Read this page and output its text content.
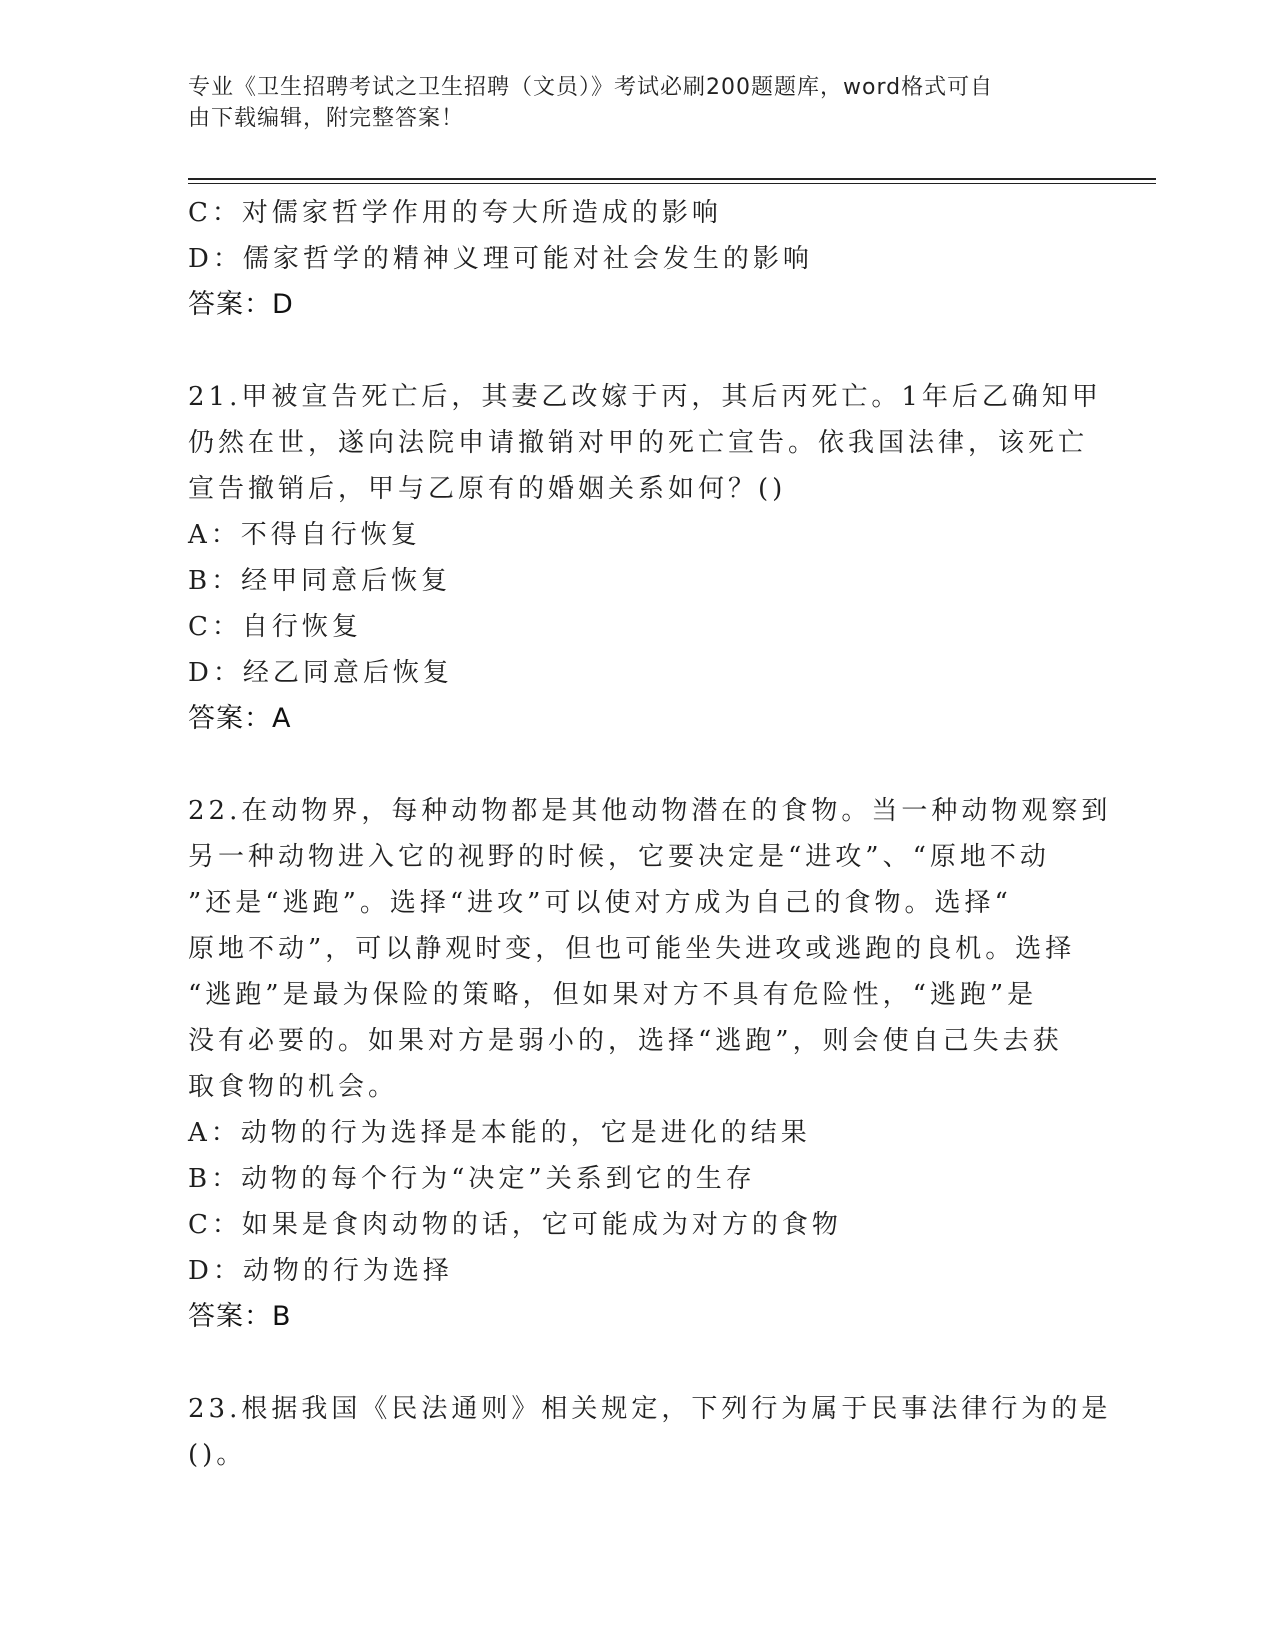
专业《卫生招聘考试之卫生招聘（文员）》考试必刷200题题库，word格式可自
由下载编辑，附完整答案！
C：对儒家哲学作用的夸大所造成的影响
D：儒家哲学的精神义理可能对社会发生的影响
答案：D
21.甲被宣告死亡后，其妻乙改嫁于丙，其后丙死亡。1年后乙确知甲
仍然在世，遂向法院申请撤销对甲的死亡宣告。依我国法律，该死亡
宣告撤销后，甲与乙原有的婚姻关系如何？()
A：不得自行恢复
B：经甲同意后恢复
C：自行恢复
D：经乙同意后恢复
答案：A
22.在动物界，每种动物都是其他动物潜在的食物。当一种动物观察到
另一种动物进入它的视野的时候，它要决定是“进攻”、“原地不动
”还是“逃跑”。选择“进攻”可以使对方成为自己的食物。选择“
原地不动”，可以静观时变，但也可能坐失进攻或逃跑的良机。选择
“逃跑”是最为保险的策略，但如果对方不具有危险性，“逃跑”是
没有必要的。如果对方是弱小的，选择“逃跑”，则会使自己失去获
取食物的机会。
A：动物的行为选择是本能的，它是进化的结果
B：动物的每个行为“决定”关系到它的生存
C：如果是食肉动物的话，它可能成为对方的食物
D：动物的行为选择
答案：B
23.根据我国《民法通则》相关规定，下列行为属于民事法律行为的是
()。
